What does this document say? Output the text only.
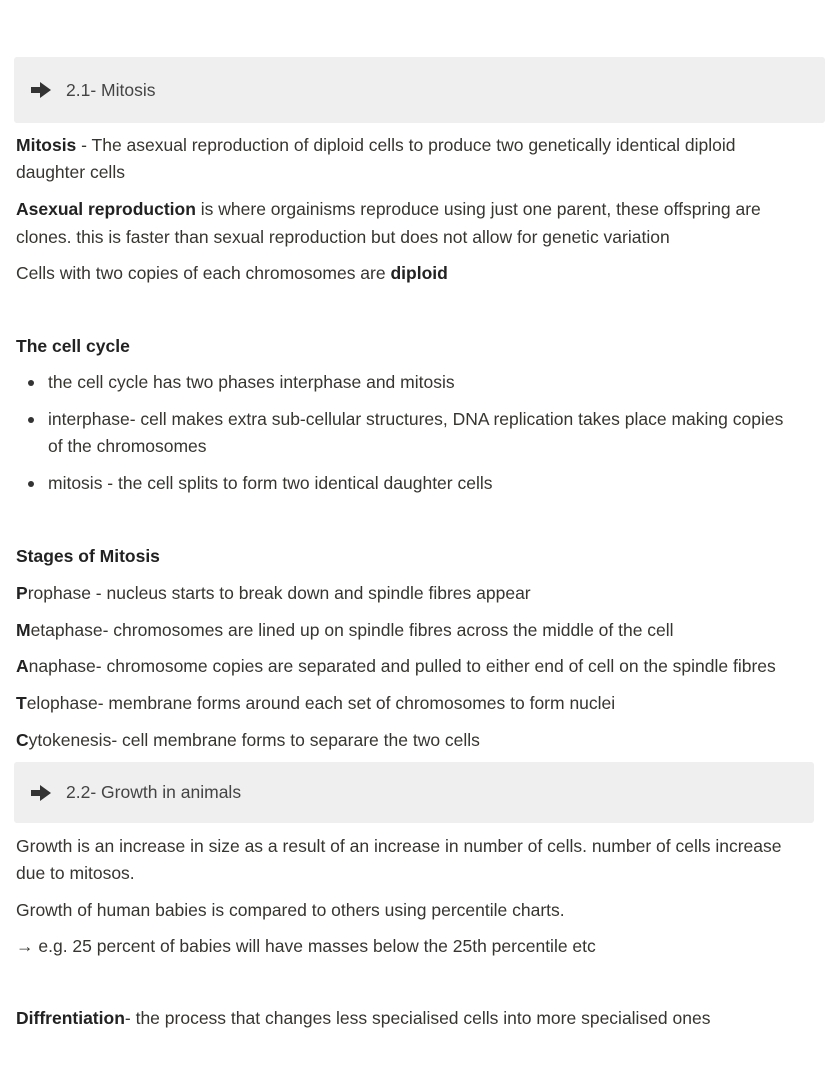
2.1- Mitosis
Mitosis - The asexual reproduction of diploid cells to produce two genetically identical diploid
daughter cells
Asexual reproduction is where orgainisms reproduce using just one parent, these offspring are
clones. this is faster than sexual reproduction but does not allow for genetic variation
Cells with two copies of each chromosomes are diploid
The cell cycle
the cell cycle has two phases interphase and mitosis
interphase- cell makes extra sub-cellular structures, DNA replication takes place making copies
of the chromosomes
mitosis - the cell splits to form two identical daughter cells
Stages of Mitosis
Prophase - nucleus starts to break down and spindle fibres appear
Metaphase- chromosomes are lined up on spindle fibres across the middle of the cell
Anaphase- chromosome copies are separated and pulled to either end of cell on the spindle fibres
Telophase- membrane forms around each set of chromosomes to form nuclei
Cytokenesis- cell membrane forms to separare the two cells
2.2- Growth in animals
Growth is an increase in size as a result of an increase in number of cells. number of cells increase
due to mitosos.
Growth of human babies is compared to others using percentile charts.
→ e.g. 25 percent of babies will have masses below the 25th percentile etc
Diffrentiation- the process that changes less specialised cells into more specialised ones
